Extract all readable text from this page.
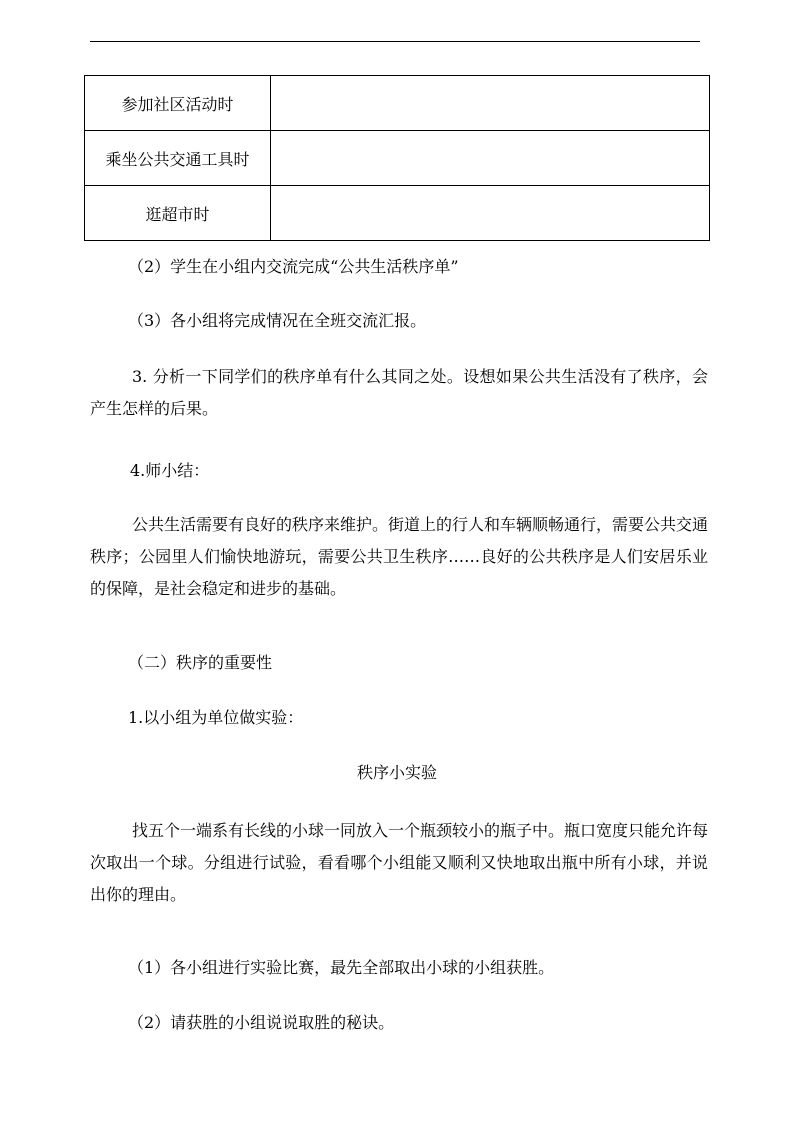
参加社区活动时	
乘坐公共交通工具时	
逛超市时	

（2）学生在小组内交流完成“公共生活秩序单”

（3）各小组将完成情况在全班交流汇报。

3. 分析一下同学们的秩序单有什么其同之处。设想如果公共生活没有了秩序，会产生怎样的后果。

4.师小结：

公共生活需要有良好的秩序来维护。街道上的行人和车辆顺畅通行，需要公共交通秩序；公园里人们愉快地游玩，需要公共卫生秩序……良好的公共秩序是人们安居乐业的保障，是社会稳定和进步的基础。

（二）秩序的重要性

1.以小组为单位做实验：

秩序小实验

找五个一端系有长线的小球一同放入一个瓶颈较小的瓶子中。瓶口宽度只能允许每次取出一个球。分组进行试验，看看哪个小组能又顺利又快地取出瓶中所有小球，并说出你的理由。

（1）各小组进行实验比赛，最先全部取出小球的小组获胜。

（2）请获胜的小组说说取胜的秘诀。
